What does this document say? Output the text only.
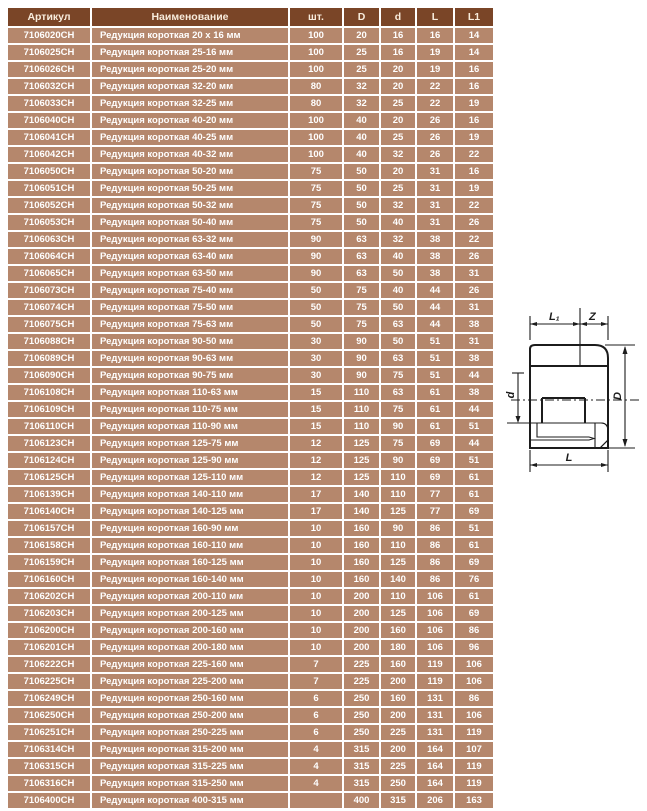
Артикул	Наименование	шт.	D	d	L	L1
7106020CH	Редукция короткая 20 х 16 мм	100	20	16	16	14
7106025CH	Редукция короткая 25-16 мм	100	25	16	19	14
7106026CH	Редукция короткая 25-20 мм	100	25	20	19	16
7106032CH	Редукция короткая 32-20 мм	80	32	20	22	16
7106033CH	Редукция короткая 32-25 мм	80	32	25	22	19
7106040CH	Редукция короткая 40-20 мм	100	40	20	26	16
7106041CH	Редукция короткая 40-25 мм	100	40	25	26	19
7106042CH	Редукция короткая 40-32 мм	100	40	32	26	22
7106050CH	Редукция короткая 50-20 мм	75	50	20	31	16
7106051CH	Редукция короткая 50-25 мм	75	50	25	31	19
7106052CH	Редукция короткая 50-32 мм	75	50	32	31	22
7106053CH	Редукция короткая 50-40 мм	75	50	40	31	26
7106063CH	Редукция короткая 63-32 мм	90	63	32	38	22
7106064CH	Редукция короткая 63-40 мм	90	63	40	38	26
7106065CH	Редукция короткая 63-50 мм	90	63	50	38	31
7106073CH	Редукция короткая 75-40 мм	50	75	40	44	26
7106074CH	Редукция короткая 75-50 мм	50	75	50	44	31
7106075CH	Редукция короткая 75-63 мм	50	75	63	44	38
7106088CH	Редукция короткая 90-50 мм	30	90	50	51	31
7106089CH	Редукция короткая 90-63 мм	30	90	63	51	38
7106090CH	Редукция короткая 90-75 мм	30	90	75	51	44
7106108CH	Редукция короткая 110-63 мм	15	110	63	61	38
7106109CH	Редукция короткая 110-75 мм	15	110	75	61	44
7106110CH	Редукция короткая 110-90 мм	15	110	90	61	51
7106123CH	Редукция короткая 125-75 мм	12	125	75	69	44
7106124CH	Редукция короткая 125-90 мм	12	125	90	69	51
7106125CH	Редукция короткая 125-110 мм	12	125	110	69	61
7106139CH	Редукция короткая 140-110 мм	17	140	110	77	61
7106140CH	Редукция короткая 140-125 мм	17	140	125	77	69
7106157CH	Редукция короткая 160-90 мм	10	160	90	86	51
7106158CH	Редукция короткая 160-110 мм	10	160	110	86	61
7106159CH	Редукция короткая 160-125 мм	10	160	125	86	69
7106160CH	Редукция короткая 160-140 мм	10	160	140	86	76
7106202CH	Редукция короткая 200-110 мм	10	200	110	106	61
7106203CH	Редукция короткая 200-125 мм	10	200	125	106	69
7106200CH	Редукция короткая 200-160 мм	10	200	160	106	86
7106201CH	Редукция короткая 200-180 мм	10	200	180	106	96
7106222CH	Редукция короткая 225-160 мм	7	225	160	119	106
7106225CH	Редукция короткая 225-200 мм	7	225	200	119	106
7106249CH	Редукция короткая 250-160 мм	6	250	160	131	86
7106250CH	Редукция короткая 250-200 мм	6	250	200	131	106
7106251CH	Редукция короткая 250-225 мм	6	250	225	131	119
7106314CH	Редукция короткая 315-200 мм	4	315	200	164	107
7106315CH	Редукция короткая 315-225 мм	4	315	225	164	119
7106316CH	Редукция короткая 315-250 мм	4	315	250	164	119
7106400CH	Редукция короткая 400-315 мм		400	315	206	163
L₁	Z
d	D
L
